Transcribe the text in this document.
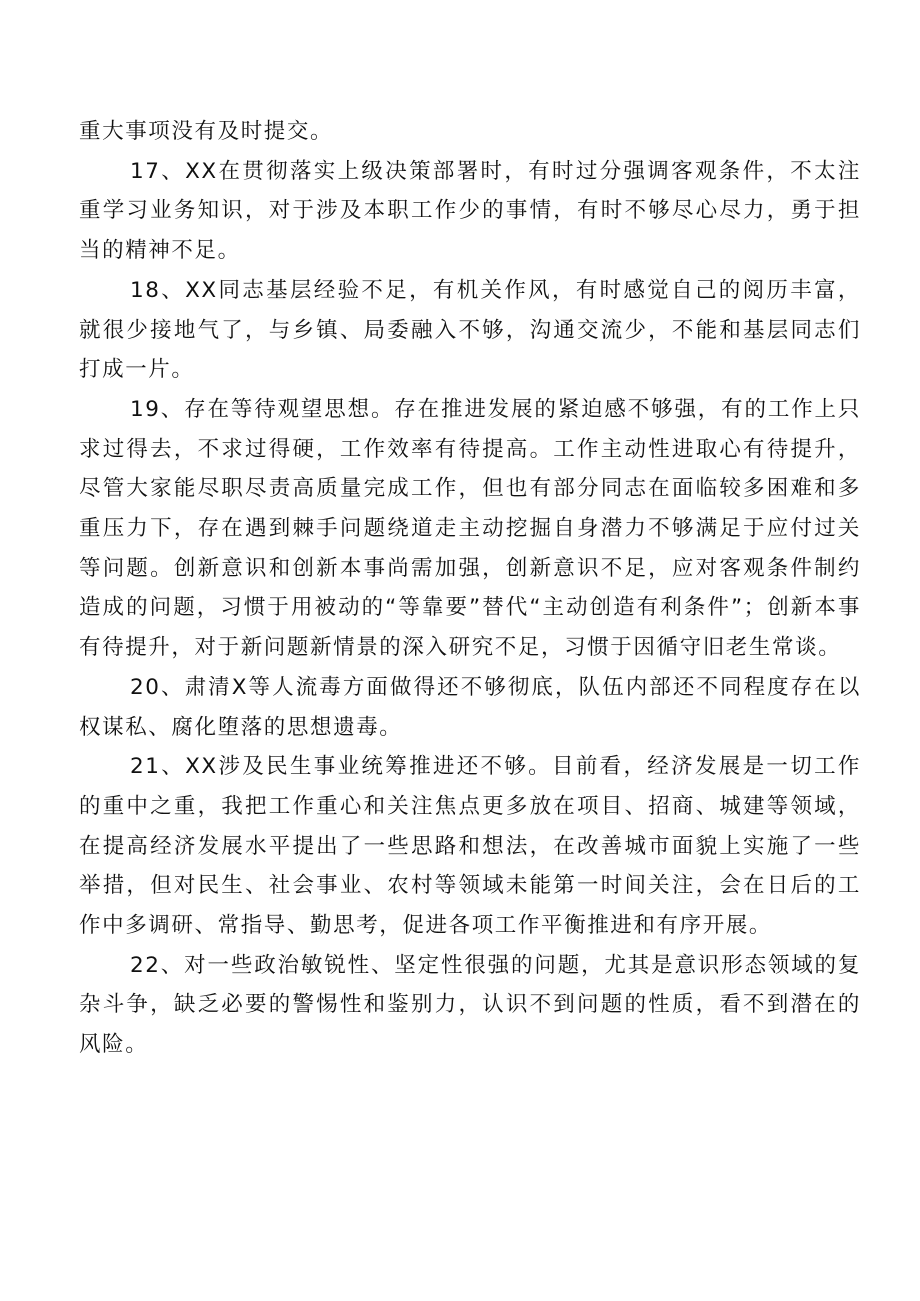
重大事项没有及时提交。

17、XX在贯彻落实上级决策部署时，有时过分强调客观条件，不太注重学习业务知识，对于涉及本职工作少的事情，有时不够尽心尽力，勇于担当的精神不足。

18、XX同志基层经验不足，有机关作风，有时感觉自己的阅历丰富，就很少接地气了，与乡镇、局委融入不够，沟通交流少，不能和基层同志们打成一片。

19、存在等待观望思想。存在推进发展的紧迫感不够强，有的工作上只求过得去，不求过得硬，工作效率有待提高。工作主动性进取心有待提升，尽管大家能尽职尽责高质量完成工作，但也有部分同志在面临较多困难和多重压力下，存在遇到棘手问题绕道走主动挖掘自身潜力不够满足于应付过关等问题。创新意识和创新本事尚需加强，创新意识不足，应对客观条件制约造成的问题，习惯于用被动的“等靠要”替代“主动创造有利条件”；创新本事有待提升，对于新问题新情景的深入研究不足，习惯于因循守旧老生常谈。

20、肃清X等人流毒方面做得还不够彻底，队伍内部还不同程度存在以权谋私、腐化堕落的思想遗毒。

21、XX涉及民生事业统筹推进还不够。目前看，经济发展是一切工作的重中之重，我把工作重心和关注焦点更多放在项目、招商、城建等领域，在提高经济发展水平提出了一些思路和想法，在改善城市面貌上实施了一些举措，但对民生、社会事业、农村等领域未能第一时间关注，会在日后的工作中多调研、常指导、勤思考，促进各项工作平衡推进和有序开展。

22、对一些政治敏锐性、坚定性很强的问题，尤其是意识形态领域的复杂斗争，缺乏必要的警惕性和鉴别力，认识不到问题的性质，看不到潜在的风险。
